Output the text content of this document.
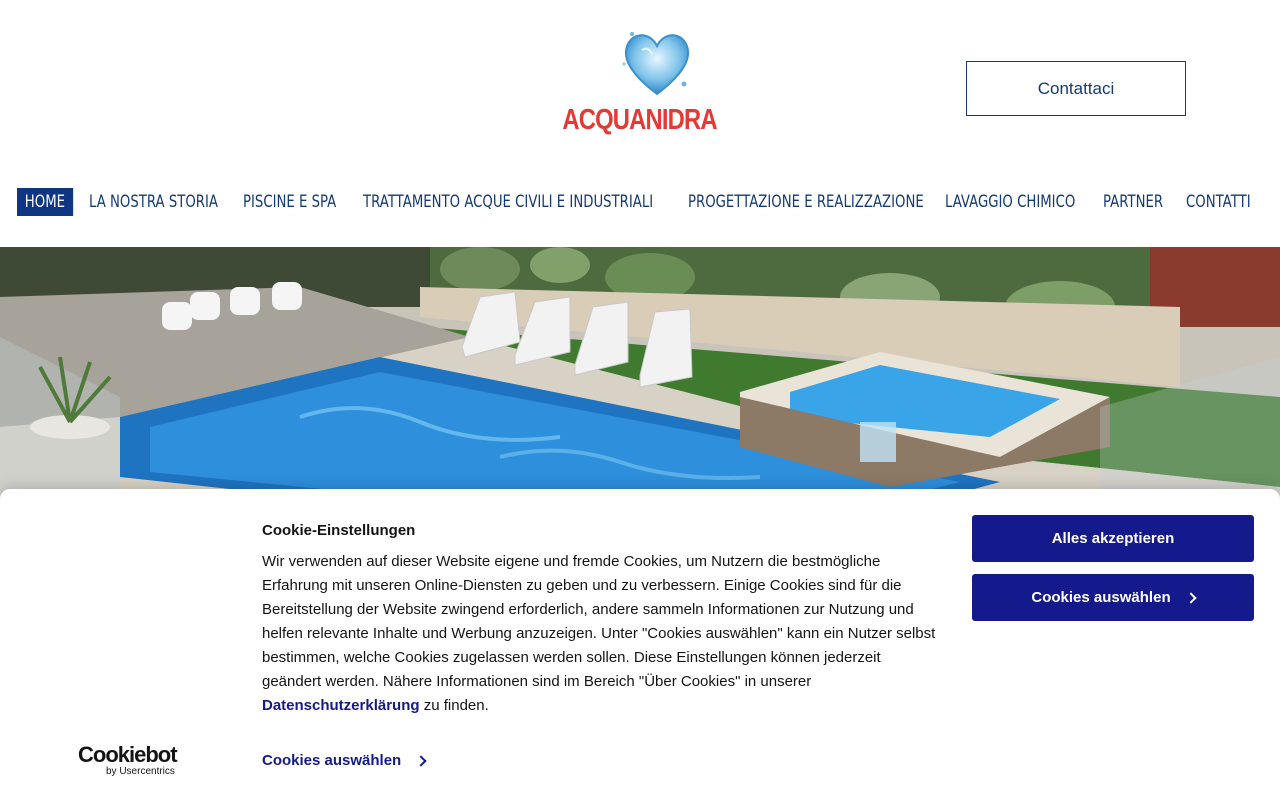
ACQUANIDRA
Contattaci
HOME	LA NOSTRA STORIA PISCINE E SPA TRATTAMENTO ACQUE CIVILI E INDUSTRIALI PROGETTAZIONE E REALIZZAZIONE LAVAGGIO CHIMICO PARTNER CONTATTI
Cookiebot
by Usercentrics
Cookie-Einstellungen
Wir verwenden auf dieser Website eigene und fremde Cookies, um Nutzern die bestmögliche Erfahrung mit unseren Online-Diensten zu geben und zu verbessern. Einige Cookies sind für die Bereitstellung der Website zwingend erforderlich, andere sammeln Informationen zur Nutzung und helfen relevante Inhalte und Werbung anzuzeigen. Unter "Cookies auswählen" kann ein Nutzer selbst bestimmen, welche Cookies zugelassen werden sollen. Diese Einstellungen können jederzeit geändert werden. Nähere Informationen sind im Bereich "Über Cookies" in unserer Datenschutzerklärung zu finden.
Alles akzeptieren
Cookies auswählen
Cookies auswählen
